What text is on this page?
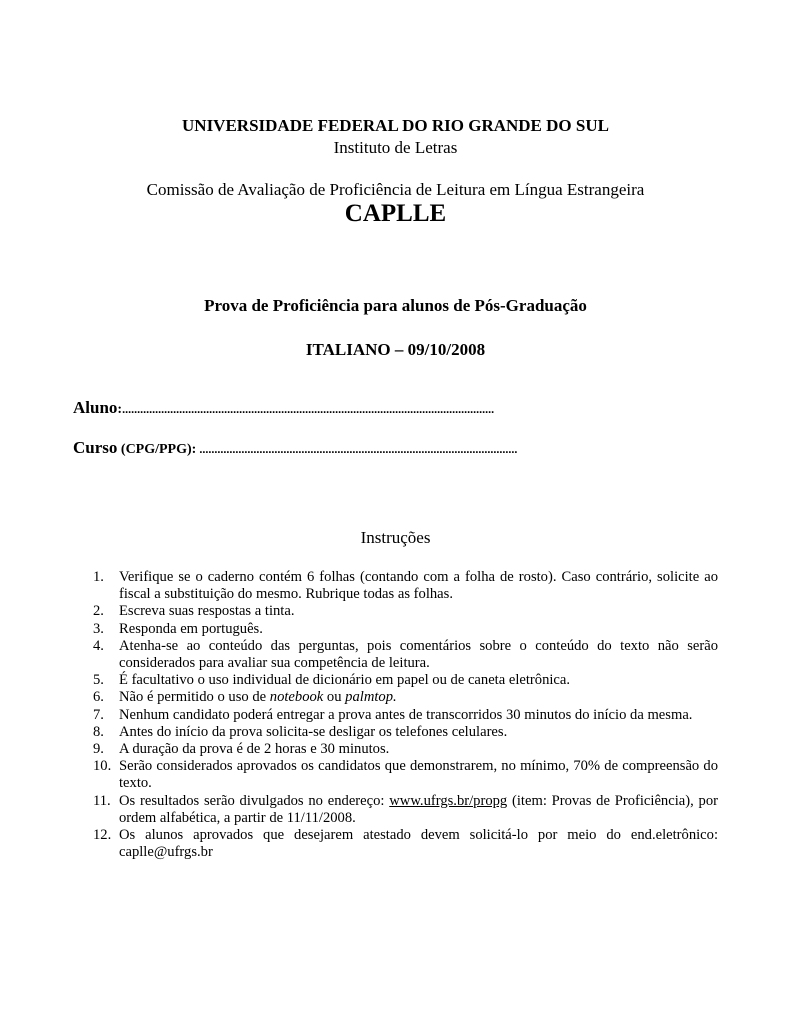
UNIVERSIDADE FEDERAL DO RIO GRANDE DO SUL
Instituto de Letras
Comissão de Avaliação de Proficiência de Leitura em Língua Estrangeira
CAPLLE
Prova de Proficiência para alunos de Pós-Graduação
ITALIANO – 09/10/2008
Aluno:............................................................................................................................
Curso (CPG/PPG): ..........................................................................................................
Instruções
1.	Verifique se o caderno contém 6 folhas (contando com a folha de rosto). Caso contrário, solicite ao fiscal a substituição do mesmo. Rubrique todas as folhas.
2.	Escreva suas respostas a tinta.
3.	Responda em português.
4.	Atenha-se ao conteúdo das perguntas, pois comentários sobre o conteúdo do texto não serão considerados para avaliar sua competência de leitura.
5.	É facultativo o uso individual de dicionário em papel ou de caneta eletrônica.
6.	Não é permitido o uso de notebook ou palmtop.
7.	Nenhum candidato poderá entregar a prova antes de transcorridos 30 minutos do início da mesma.
8.	Antes do início da prova solicita-se desligar os telefones celulares.
9.	A duração da prova é de 2 horas e 30 minutos.
10. Serão considerados aprovados os candidatos que demonstrarem, no mínimo, 70% de compreensão do texto.
11. Os resultados serão divulgados no endereço: www.ufrgs.br/propg (item: Provas de Proficiência), por ordem alfabética, a partir de 11/11/2008.
12. Os alunos aprovados que desejarem atestado devem solicitá-lo por meio do end.eletrônico: caplle@ufrgs.br
